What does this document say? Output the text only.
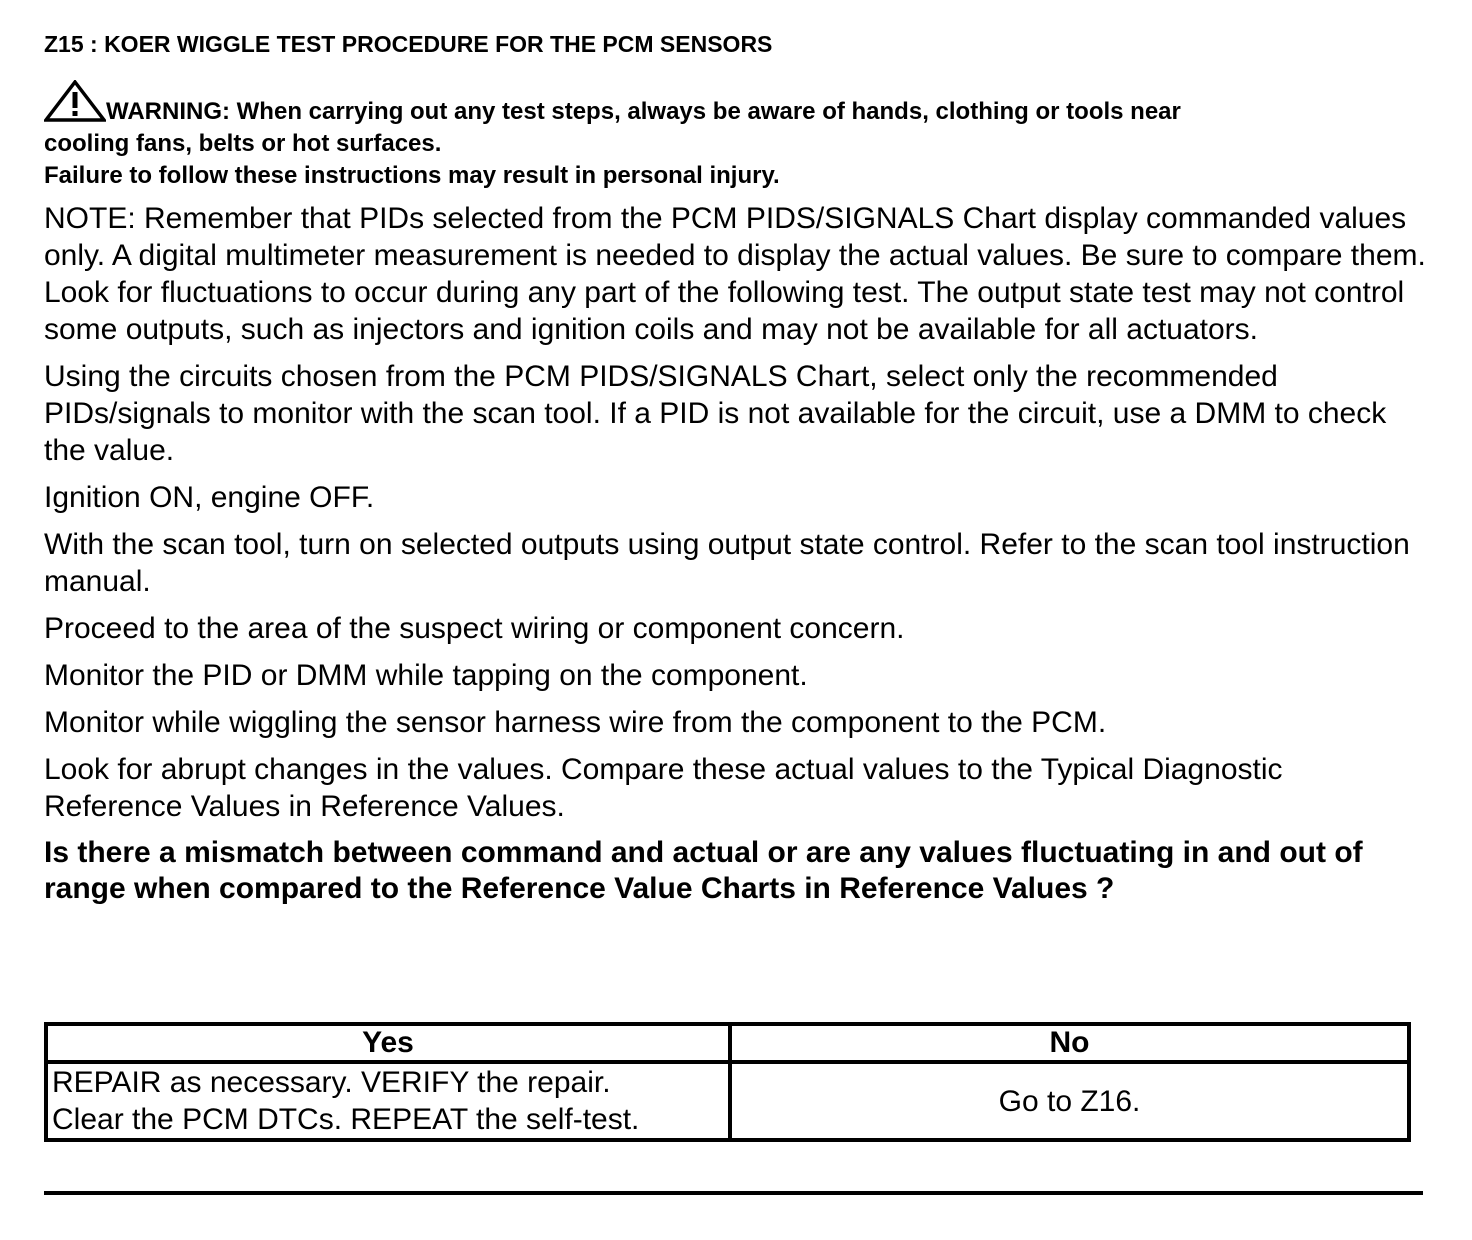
Z15 : KOER WIGGLE TEST PROCEDURE FOR THE PCM SENSORS
WARNING: When carrying out any test steps, always be aware of hands, clothing or tools near
cooling fans, belts or hot surfaces.
Failure to follow these instructions may result in personal injury.

NOTE: Remember that PIDs selected from the PCM PIDS/SIGNALS Chart display commanded values only. A digital multimeter measurement is needed to display the actual values. Be sure to compare them. Look for fluctuations to occur during any part of the following test. The output state test may not control some outputs, such as injectors and ignition coils and may not be available for all actuators.

Using the circuits chosen from the PCM PIDS/SIGNALS Chart, select only the recommended PIDs/signals to monitor with the scan tool. If a PID is not available for the circuit, use a DMM to check the value.

Ignition ON, engine OFF.

With the scan tool, turn on selected outputs using output state control. Refer to the scan tool instruction manual.

Proceed to the area of the suspect wiring or component concern.

Monitor the PID or DMM while tapping on the component.

Monitor while wiggling the sensor harness wire from the component to the PCM.

Look for abrupt changes in the values. Compare these actual values to the Typical Diagnostic Reference Values in Reference Values.

Is there a mismatch between command and actual or are any values fluctuating in and out of range when compared to the Reference Value Charts in Reference Values ?

Yes	No

REPAIR as necessary. VERIFY the repair.
Clear the PCM DTCs. REPEAT the self-test.	Go to Z16.
